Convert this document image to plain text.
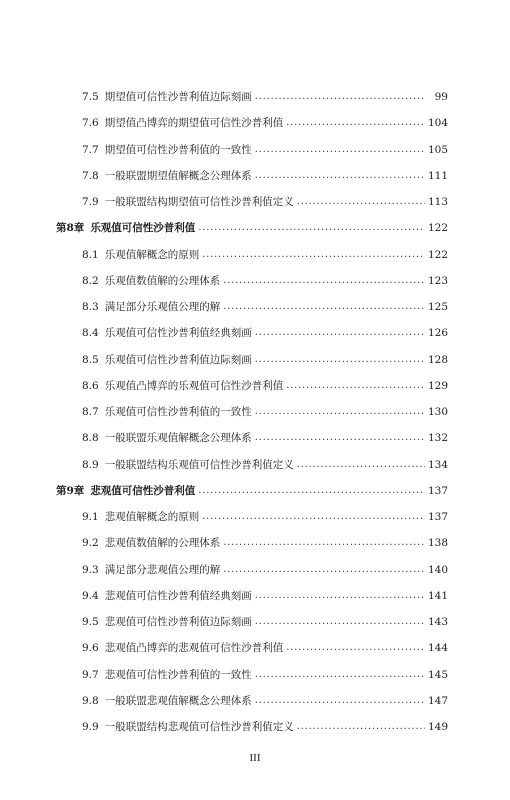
7.5 期望值可信性沙普利值边际刻画 . . .	99
7.6 期望值凸博弈的期望值可信性沙普利值 . . .	104
7.7 期望值可信性沙普利值的一致性 . . .	105
7.8 一般联盟期望值解概念公理体系 . . .	111
7.9 一般联盟结构期望值可信性沙普利值定义 . . .	113
第8章 乐观值可信性沙普利值 . . .	122
8.1 乐观值解概念的原则 . . .	122
8.2 乐观值数值解的公理体系 . . .	123
8.3 满足部分乐观值公理的解 . . .	125
8.4 乐观值可信性沙普利值经典刻画 . . .	126
8.5 乐观值可信性沙普利值边际刻画 . . .	128
8.6 乐观值凸博弈的乐观值可信性沙普利值 . . .	129
8.7 乐观值可信性沙普利值的一致性 . . .	130
8.8 一般联盟乐观值解概念公理体系 . . .	132
8.9 一般联盟结构乐观值可信性沙普利值定义 . . .	134
第9章 悲观值可信性沙普利值 . . .	137
9.1 悲观值解概念的原则 . . .	137
9.2 悲观值数值解的公理体系 . . .	138
9.3 满足部分悲观值公理的解 . . .	140
9.4 悲观值可信性沙普利值经典刻画 . . .	141
9.5 悲观值可信性沙普利值边际刻画 . . .	143
9.6 悲观值凸博弈的悲观值可信性沙普利值 . . .	144
9.7 悲观值可信性沙普利值的一致性 . . .	145
9.8 一般联盟悲观值解概念公理体系 . . .	147
9.9 一般联盟结构悲观值可信性沙普利值定义 . . .	149
III
